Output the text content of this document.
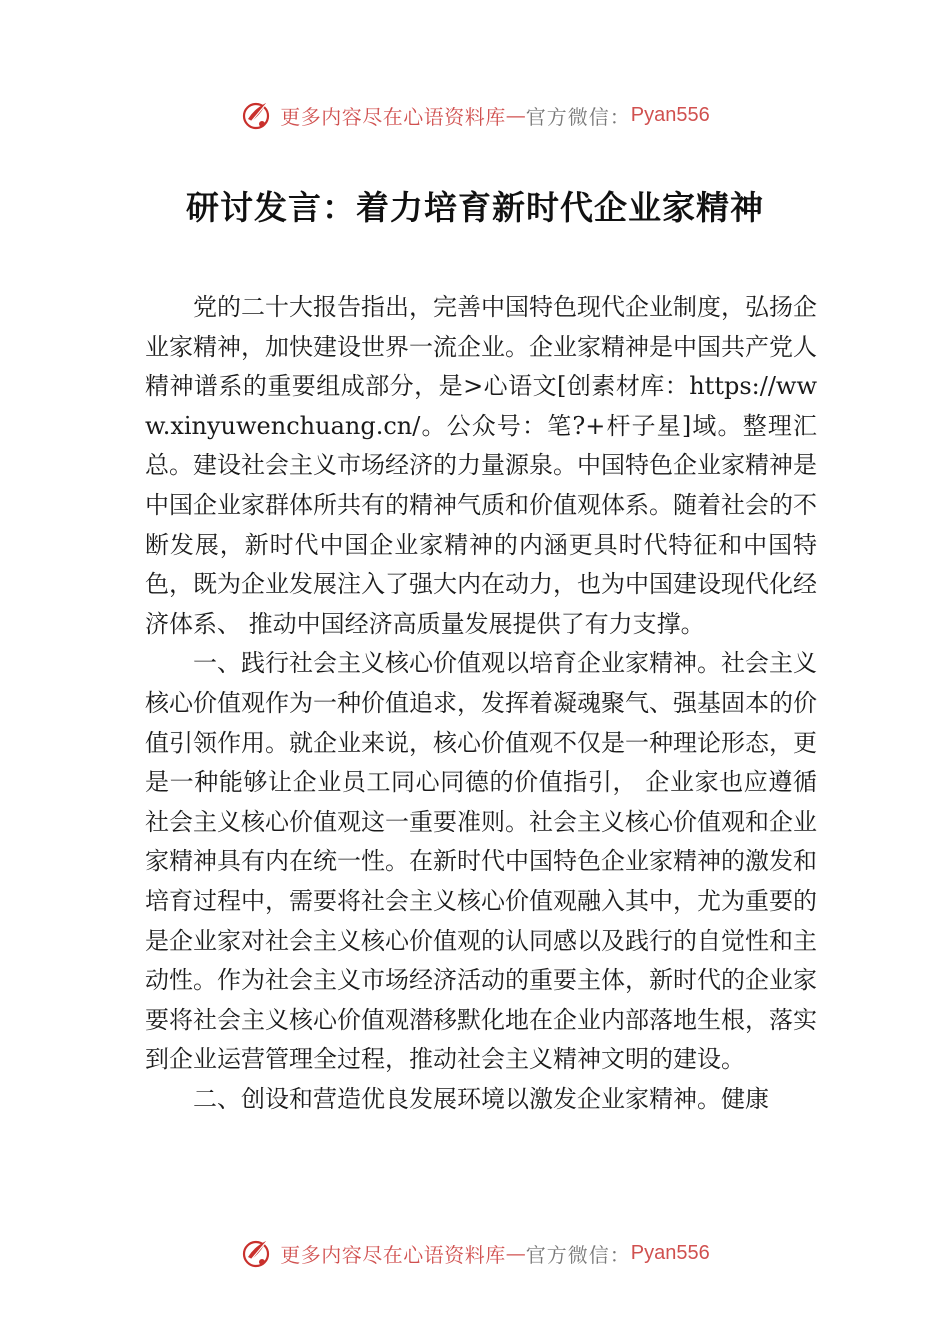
更多内容尽在心语资料库 — 官方微信： Pyan556
研讨发言：着力培育新时代企业家精神

党的二十大报告指出，完善中国特色现代企业制度，弘扬企业家精神，加快建设世界一流企业。企业家精神是中国共产党人精神谱系的重要组成部分，是>心语文[创素材库：https://www.xinyuwenchuang.cn/。公众号：笔?+杆子星]域。整理汇总。建设社会主义市场经济的力量源泉。中国特色企业家精神是中国企业家群体所共有的精神气质和价值观体系。随着社会的不断发展，新时代中国企业家精神的内涵更具时代特征和中国特色，既为企业发展注入了强大内在动力，也为中国建设现代化经济体系、 推动中国经济高质量发展提供了有力支撑。

一、践行社会主义核心价值观以培育企业家精神。社会主义核心价值观作为一种价值追求，发挥着凝魂聚气、强基固本的价值引领作用。就企业来说，核心价值观不仅是一种理论形态，更是一种能够让企业员工同心同德的价值指引， 企业家也应遵循社会主义核心价值观这一重要准则。社会主义核心价值观和企业家精神具有内在统一性。在新时代中国特色企业家精神的激发和培育过程中，需要将社会主义核心价值观融入其中，尤为重要的是企业家对社会主义核心价值观的认同感以及践行的自觉性和主动性。作为社会主义市场经济活动的重要主体，新时代的企业家要将社会主义核心价值观潜移默化地在企业内部落地生根，落实到企业运营管理全过程，推动社会主义精神文明的建设。

二、创设和营造优良发展环境以激发企业家精神。健康

更多内容尽在心语资料库 — 官方微信： Pyan556
